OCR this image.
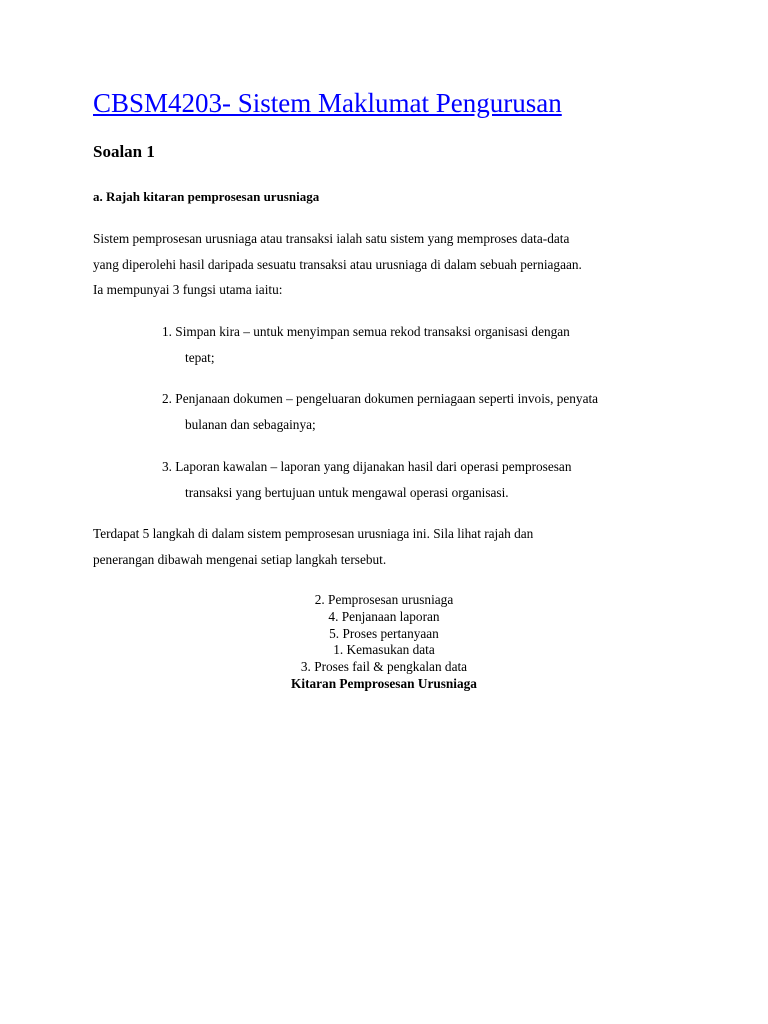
CBSM4203- Sistem Maklumat Pengurusan
Soalan 1
a. Rajah kitaran pemprosesan urusniaga
Sistem pemprosesan urusniaga atau transaksi ialah satu sistem yang memproses data-data
yang diperolehi hasil daripada sesuatu transaksi atau urusniaga di dalam sebuah perniagaan.
Ia mempunyai 3 fungsi utama iaitu:
1. Simpan kira – untuk menyimpan semua rekod transaksi organisasi dengan
tepat;
2. Penjanaan dokumen – pengeluaran dokumen perniagaan seperti invois, penyata
bulanan dan sebagainya;
3. Laporan kawalan – laporan yang dijanakan hasil dari operasi pemprosesan
transaksi yang bertujuan untuk mengawal operasi organisasi.
Terdapat 5 langkah di dalam sistem pemprosesan urusniaga ini. Sila lihat rajah dan
penerangan dibawah mengenai setiap langkah tersebut.
2. Pemprosesan urusniaga
4. Penjanaan laporan
5. Proses pertanyaan
1. Kemasukan data
3. Proses fail & pengkalan data
Kitaran Pemprosesan Urusniaga
